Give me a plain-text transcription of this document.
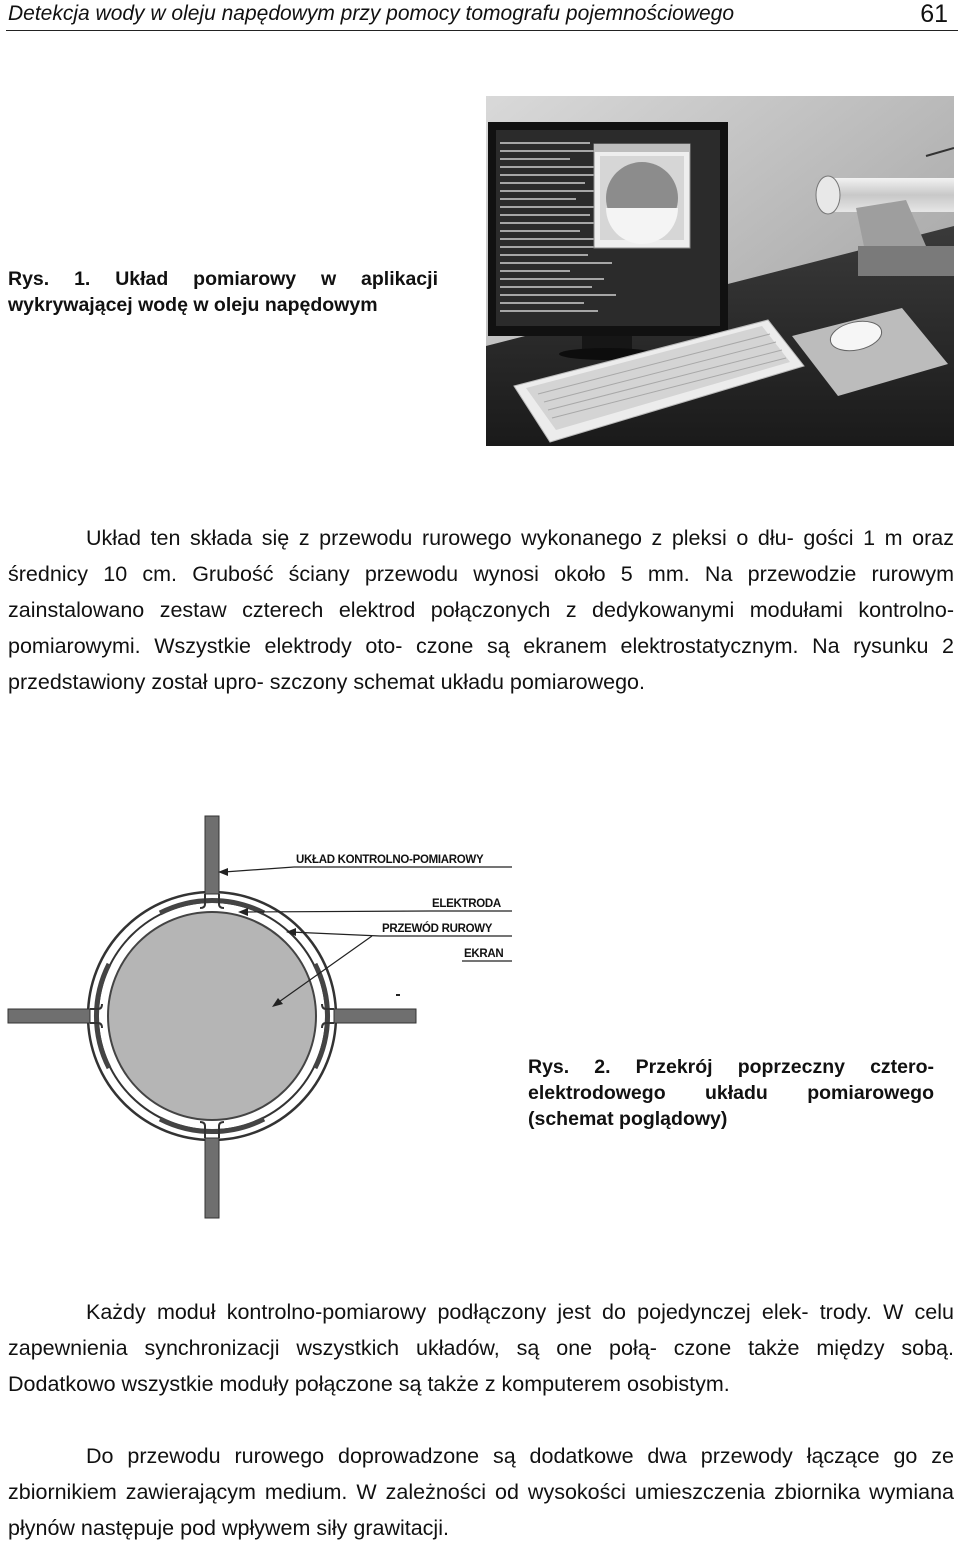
Detekcja wody w oleju napędowym przy pomocy tomografu pojemnościowego	61
Rys. 1. Układ pomiarowy w aplikacji
wykrywającej wodę w oleju napędowym

Układ ten składa się z przewodu rurowego wykonanego z pleksi o dłu- gości 1 m oraz średnicy 10 cm. Grubość ściany przewodu wynosi około 5 mm. Na przewodzie rurowym zainstalowano zestaw czterech elektrod połączonych z dedykowanymi modułami kontrolno-pomiarowymi. Wszystkie elektrody oto- czone są ekranem elektrostatycznym. Na rysunku 2 przedstawiony został upro- szczony schemat układu pomiarowego.

UKŁAD KONTROLNO-POMIAROWY
ELEKTRODA
PRZEWÓD RUROWY
EKRAN
Rys. 2. Przekrój poprzeczny cztero-
elektrodowego układu pomiarowego
(schemat poglądowy)

Każdy moduł kontrolno-pomiarowy podłączony jest do pojedynczej elek- trody. W celu zapewnienia synchronizacji wszystkich układów, są one połą- czone także między sobą. Dodatkowo wszystkie moduły połączone są także z komputerem osobistym.

Do przewodu rurowego doprowadzone są dodatkowe dwa przewody łączące go ze zbiornikiem zawierającym medium. W zależności od wysokości umieszczenia zbiornika wymiana płynów następuje pod wpływem siły grawitacji.
